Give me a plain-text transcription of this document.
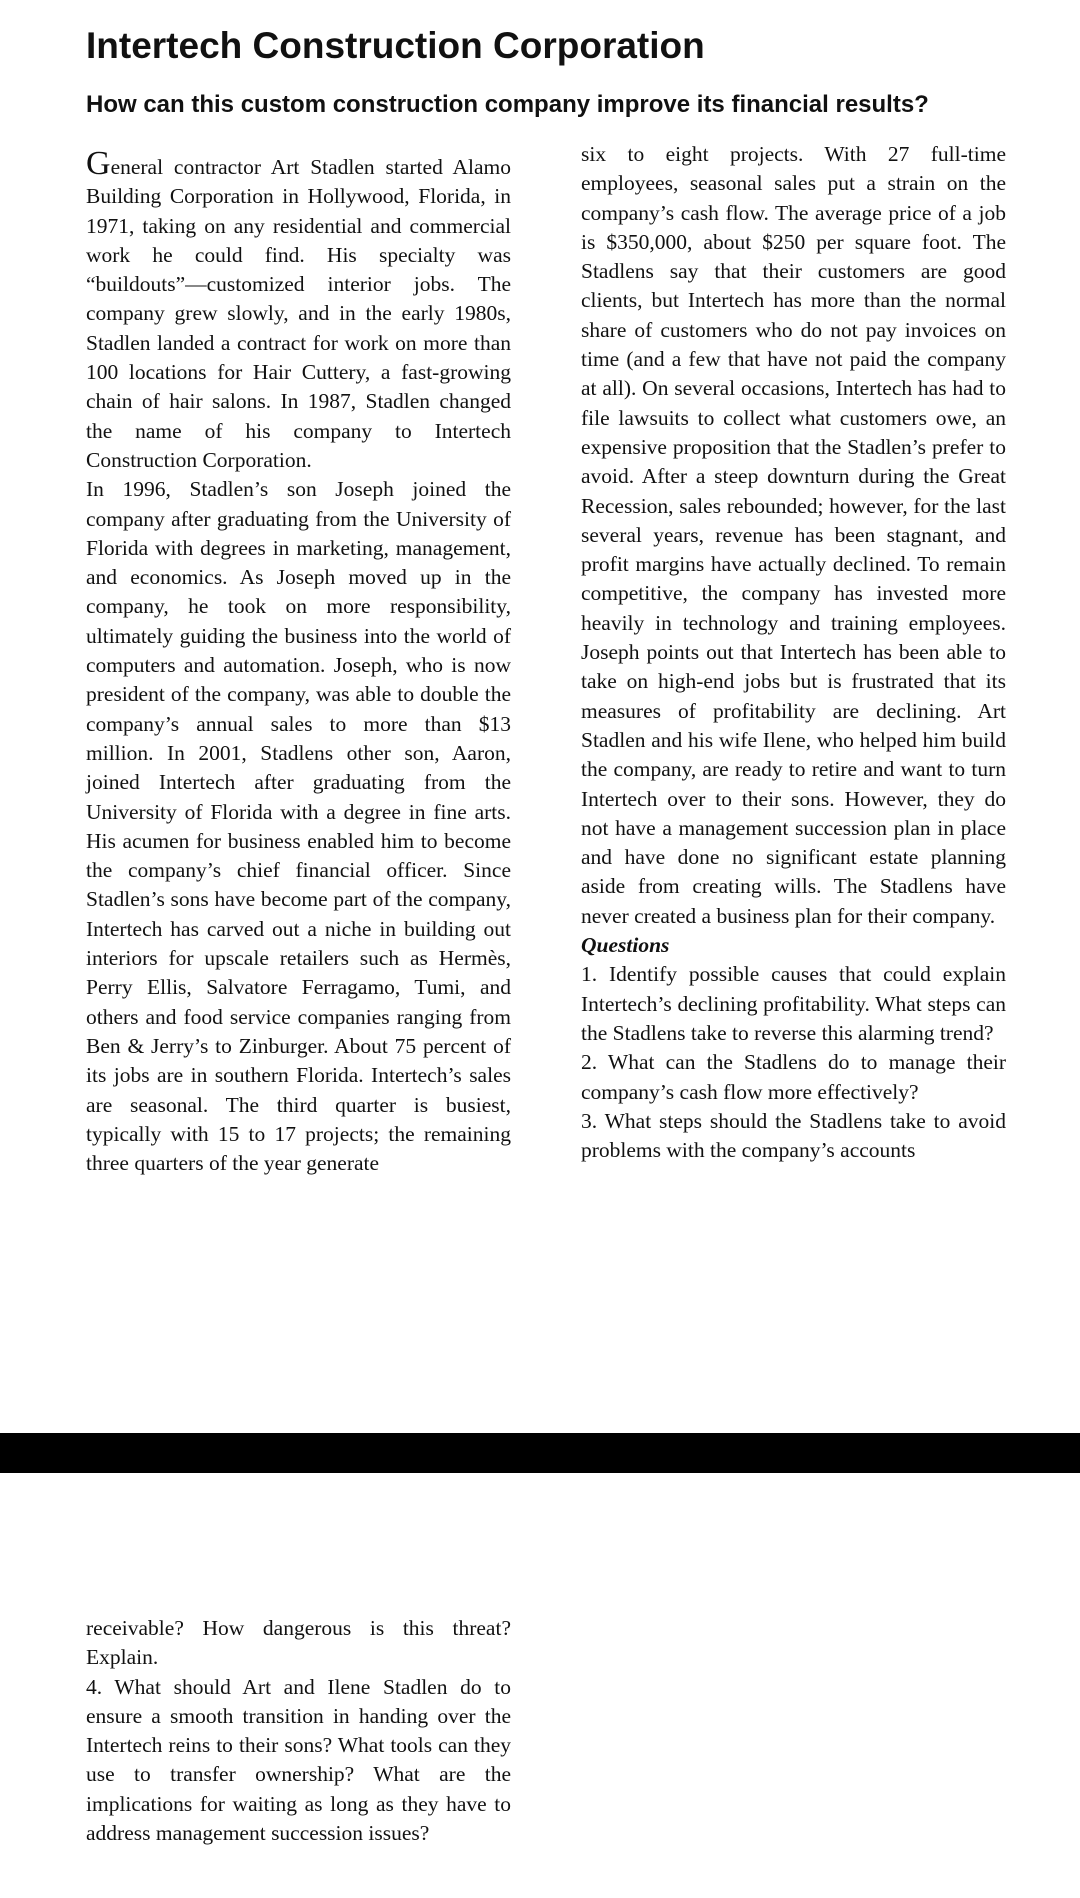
Intertech Construction Corporation
How can this custom construction company improve its financial results?

General contractor Art Stadlen started Alamo Building Corporation in Hollywood, Florida, in 1971, taking on any residential and commercial work he could find. His specialty was “buildouts”—customized interior jobs. The company grew slowly, and in the early 1980s, Stadlen landed a contract for work on more than 100 locations for Hair Cuttery, a fast-growing chain of hair salons. In 1987, Stadlen changed the name of his company to Intertech Construction Corporation.

In 1996, Stadlen’s son Joseph joined the company after graduating from the University of Florida with degrees in marketing, management, and economics. As Joseph moved up in the company, he took on more responsibility, ultimately guiding the business into the world of computers and automation. Joseph, who is now president of the company, was able to double the company’s annual sales to more than $13 million. In 2001, Stadlens other son, Aaron, joined Intertech after graduating from the University of Florida with a degree in fine arts. His acumen for business enabled him to become the company’s chief financial officer. Since Stadlen’s sons have become part of the company, Intertech has carved out a niche in building out interiors for upscale retailers such as Hermès, Perry Ellis, Salvatore Ferragamo, Tumi, and others and food service companies ranging from Ben & Jerry’s to Zinburger. About 75 percent of its jobs are in southern Florida. Intertech’s sales are seasonal. The third quarter is busiest, typically with 15 to 17 projects; the remaining three quarters of the year generate

six to eight projects. With 27 full-time employees, seasonal sales put a strain on the company’s cash flow. The average price of a job is $350,000, about $250 per square foot. The Stadlens say that their customers are good clients, but Intertech has more than the normal share of customers who do not pay invoices on time (and a few that have not paid the company at all). On several occasions, Intertech has had to file lawsuits to collect what customers owe, an expensive proposition that the Stadlen’s prefer to avoid. After a steep downturn during the Great Recession, sales rebounded; however, for the last several years, revenue has been stagnant, and profit margins have actually declined. To remain competitive, the company has invested more heavily in technology and training employees. Joseph points out that Intertech has been able to take on high-end jobs but is frustrated that its measures of profitability are declining. Art Stadlen and his wife Ilene, who helped him build the company, are ready to retire and want to turn Intertech over to their sons. However, they do not have a management succession plan in place and have done no significant estate planning aside from creating wills. The Stadlens have never created a business plan for their company.

Questions

1. Identify possible causes that could explain Intertech’s declining profitability. What steps can the Stadlens take to reverse this alarming trend?

2. What can the Stadlens do to manage their company’s cash flow more effectively?

3. What steps should the Stadlens take to avoid problems with the company’s accounts

receivable? How dangerous is this threat? Explain.

4. What should Art and Ilene Stadlen do to ensure a smooth transition in handing over the Intertech reins to their sons? What tools can they use to transfer ownership? What are the implications for waiting as long as they have to address management succession issues?
